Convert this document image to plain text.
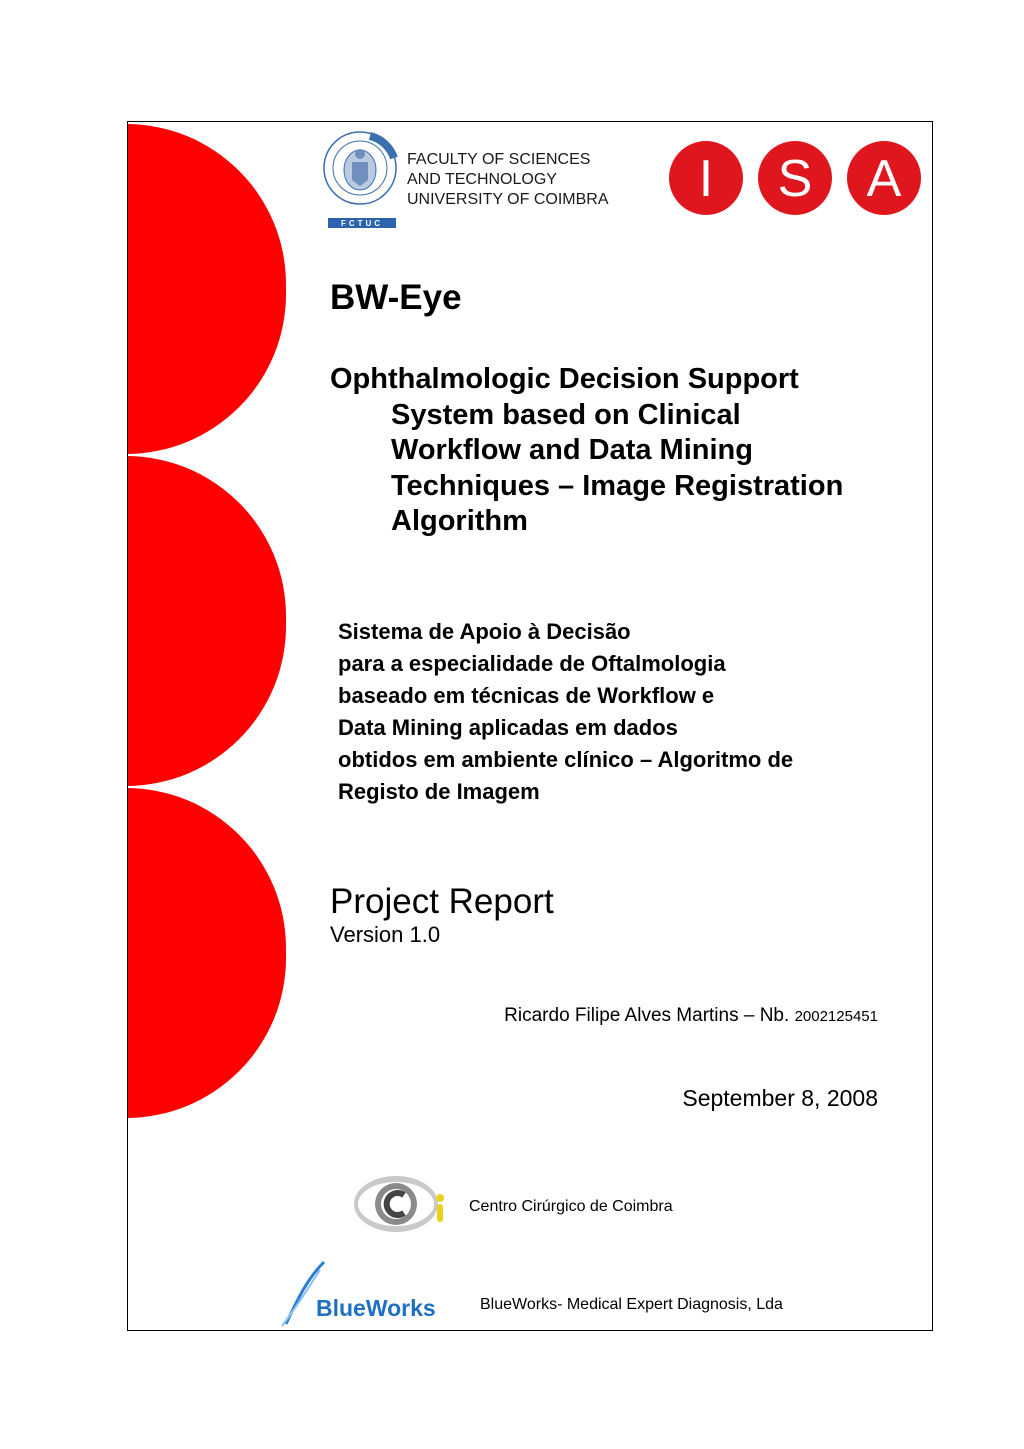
FCTUC
FACULTY OF SCIENCES
AND TECHNOLOGY
UNIVERSITY OF COIMBRA I S A
BW-Eye
Ophthalmologic Decision Support
System based on Clinical
Workflow and Data Mining
Techniques – Image Registration
Algorithm
Sistema de Apoio à Decisão
para a especialidade de Oftalmologia
baseado em técnicas de Workflow e
Data Mining aplicadas em dados
obtidos em ambiente clínico – Algoritmo de
Registo de Imagem
Project Report
Version 1.0
Ricardo Filipe Alves Martins – Nb. 2002125451
September 8, 2008
Centro Cirúrgico de Coimbra
BlueWorks	BlueWorks- Medical Expert Diagnosis, Lda
